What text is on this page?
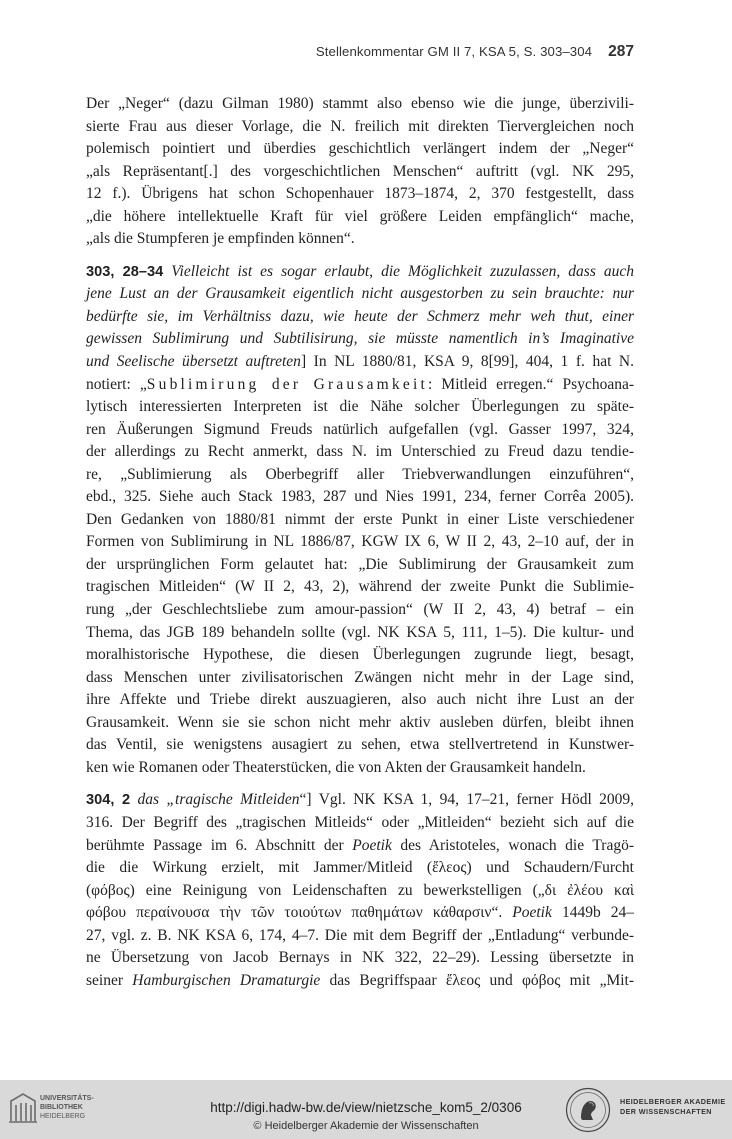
Stellenkommentar GM II 7, KSA 5, S. 303–304 287
Der „Neger“ (dazu Gilman 1980) stammt also ebenso wie die junge, überzivili-
sierte Frau aus dieser Vorlage, die N. freilich mit direkten Tiervergleichen noch
polemisch pointiert und überdies geschichtlich verlängert indem der „Neger“
„als Repräsentant[.] des vorgeschichtlichen Menschen“ auftritt (vgl. NK 295,
12 f.). Übrigens hat schon Schopenhauer 1873–1874, 2, 370 festgestellt, dass
„die höhere intellektuelle Kraft für viel größere Leiden empfänglich“ mache,
„als die Stumpferen je empfinden können“.
303, 28–34 Vielleicht ist es sogar erlaubt, die Möglichkeit zuzulassen, dass auch
jene Lust an der Grausamkeit eigentlich nicht ausgestorben zu sein brauchte: nur
bedürfte sie, im Verhältniss dazu, wie heute der Schmerz mehr weh thut, einer
gewissen Sublimirung und Subtilisirung, sie müsste namentlich in’s Imaginative
und Seelische übersetzt auftreten] In NL 1880/81, KSA 9, 8[99], 404, 1 f. hat N.
notiert: „Sublimirung der Grausamkeit: Mitleid erregen.“ Psychoana-
lytisch interessierten Interpreten ist die Nähe solcher Überlegungen zu späte-
ren Äußerungen Sigmund Freuds natürlich aufgefallen (vgl. Gasser 1997, 324,
der allerdings zu Recht anmerkt, dass N. im Unterschied zu Freud dazu tendie-
re, „Sublimierung als Oberbegriff aller Triebverwandlungen einzuführen“,
ebd., 325. Siehe auch Stack 1983, 287 und Nies 1991, 234, ferner Corrêa 2005).
Den Gedanken von 1880/81 nimmt der erste Punkt in einer Liste verschiedener
Formen von Sublimirung in NL 1886/87, KGW IX 6, W II 2, 43, 2–10 auf, der in
der ursprünglichen Form gelautet hat: „Die Sublimirung der Grausamkeit zum
tragischen Mitleiden“ (W II 2, 43, 2), während der zweite Punkt die Sublimie-
rung „der Geschlechtsliebe zum amour-passion“ (W II 2, 43, 4) betraf – ein
Thema, das JGB 189 behandeln sollte (vgl. NK KSA 5, 111, 1–5). Die kultur- und
moralhistorische Hypothese, die diesen Überlegungen zugrunde liegt, besagt,
dass Menschen unter zivilisatorischen Zwängen nicht mehr in der Lage sind,
ihre Affekte und Triebe direkt auszuagieren, also auch nicht ihre Lust an der
Grausamkeit. Wenn sie sie schon nicht mehr aktiv ausleben dürfen, bleibt ihnen
das Ventil, sie wenigstens ausagiert zu sehen, etwa stellvertretend in Kunstwer-
ken wie Romanen oder Theaterstücken, die von Akten der Grausamkeit handeln.
304, 2 das „tragische Mitleiden“] Vgl. NK KSA 1, 94, 17–21, ferner Hödl 2009,
316. Der Begriff des „tragischen Mitleids“ oder „Mitleiden“ bezieht sich auf die
berühmte Passage im 6. Abschnitt der Poetik des Aristoteles, wonach die Tragö-
die die Wirkung erzielt, mit Jammer/Mitleid (ἔλεος) und Schaudern/Furcht
(φόβος) eine Reinigung von Leidenschaften zu bewerkstelligen („δι ἐλέου καὶ
φόβου περαίνουσα τὴν τῶν τοιούτων παθημάτων κάθαρσιν“. Poetik 1449b 24–
27, vgl. z. B. NK KSA 6, 174, 4–7. Die mit dem Begriff der „Entladung“ verbunde-
ne Übersetzung von Jacob Bernays in NK 322, 22–29). Lessing übersetzte in
seiner Hamburgischen Dramaturgie das Begriffspaar ἔλεος und φόβος mit „Mit-
UNIVERSITÄTS-
BIBLIOTHEK
HEIDELBERG
http://digi.hadw-bw.de/view/nietzsche_kom5_2/0306
© Heidelberger Akademie der Wissenschaften
HEIDELBERGER AKADEMIE
DER WISSENSCHAFTEN
